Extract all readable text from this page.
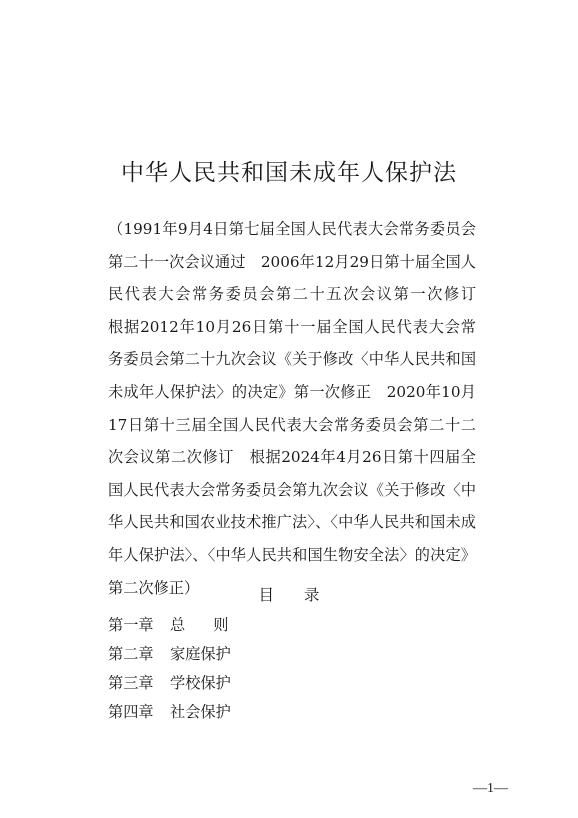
中华人民共和国未成年人保护法
（1991年9月4日第七届全国人民代表大会常务委员会
第二十一次会议通过　2006年12月29日第十届全国人
民代表大会常务委员会第二十五次会议第一次修订
根据2012年10月26日第十一届全国人民代表大会常
务委员会第二十九次会议《关于修改〈中华人民共和国
未成年人保护法〉的决定》第一次修正　2020年10月
17日第十三届全国人民代表大会常务委员会第二十二
次会议第二次修订　根据2024年4月26日第十四届全
国人民代表大会常务委员会第九次会议《关于修改〈中
华人民共和国农业技术推广法〉、〈中华人民共和国未成
年人保护法〉、〈中华人民共和国生物安全法〉的决定》
第二次修正）	目 录
第一章 总则
第二章 家庭保护
第三章 学校保护
第四章 社会保护
—1—
